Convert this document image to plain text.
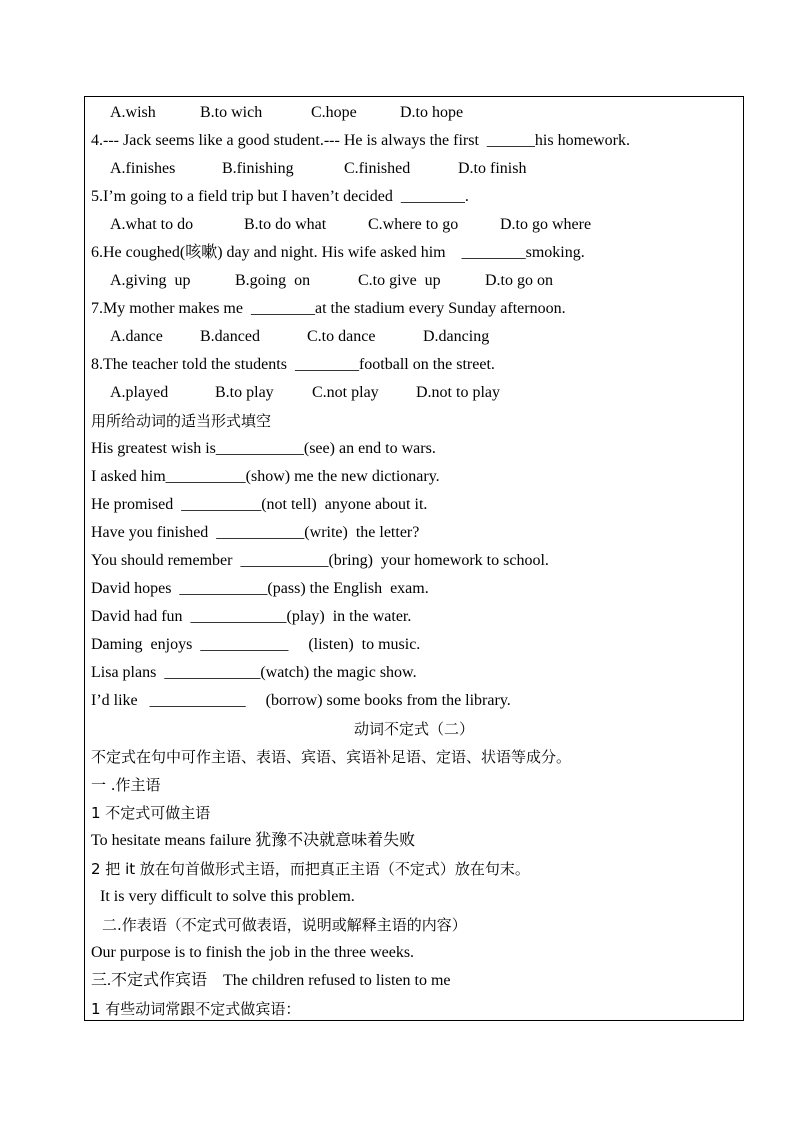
A.wish

	B.to wich

	C.hope

	D.to hope

4.--- Jack seems like a good student.--- He is always the first  ______his homework.

A.finishes

	B.finishing

	C.finished

	D.to finish

5.I’m going to a field trip but I haven’t decided  ________.

A.what to do

	B.to do what

	C.where to go

	D.to go where

6.He coughed(咳嗽) day and night. His wife asked him    ________smoking.

A.giving  up

	B.going  on

	C.to give  up

	D.to go on

7.My mother makes me  ________at the stadium every Sunday afternoon.

A.dance

B.danced

	C.to dance

	D.dancing

8.The teacher told the students  ________football on the street.

A.played

	B.to play

C.not play

D.not to play

用所给动词的适当形式填空
His greatest wish is___________(see) an end to wars.
I asked him__________(show) me the new dictionary.
He promised  __________(not tell)  anyone about it.
Have you finished  ___________(write)  the letter?
You should remember  ___________(bring)  your homework to school.
David hopes  ___________(pass) the English  exam.
David had fun  ____________(play)  in the water.
Daming  enjoys  ___________     (listen)  to music.
Lisa plans  ____________(watch) the magic show.
I’d like   ____________     (borrow) some books from the library.
动词不定式（二）
不定式在句中可作主语、表语、宾语、宾语补足语、定语、状语等成分。
一 .作主语
1 不定式可做主语
To hesitate means failure 犹豫不决就意味着失败
2 把 it 放在句首做形式主语，而把真正主语（不定式）放在句末。
It is very difficult to solve this problem.
二.作表语（不定式可做表语，说明或解释主语的内容）
Our purpose is to finish the job in the three weeks.
三.不定式作宾语    The children refused to listen to me
1 有些动词常跟不定式做宾语：
